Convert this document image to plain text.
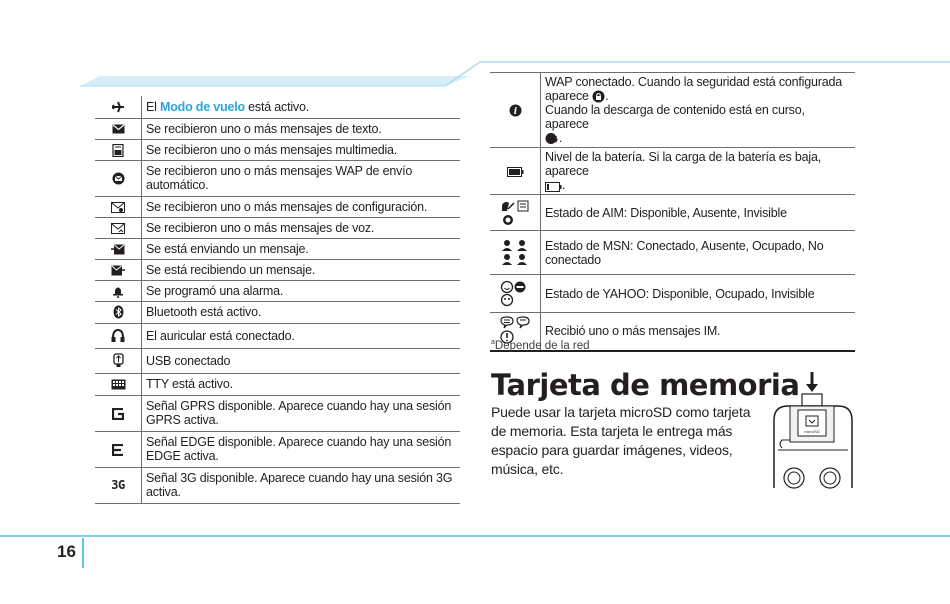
16
	El Modo de vuelo está activo.
	Se recibieron uno o más mensajes de texto.
	Se recibieron uno o más mensajes multimedia.
	Se recibieron uno o más mensajes WAP de envío automático.
	Se recibieron uno o más mensajes de configuración.
	Se recibieron uno o más mensajes de voz.
	Se está enviando un mensaje.
	Se está recibiendo un mensaje.
	Se programó una alarma.
	Bluetooth está activo.
	El auricular está conectado.
	USB conectado
	TTY está activo.
	Señal GPRS disponible. Aparece cuando hay una sesión GPRS activa.
	Señal EDGE disponible. Aparece cuando hay una sesión EDGE activa.
3G	Señal 3G disponible. Aparece cuando hay una sesión 3G activa.
i	WAP conectado. Cuando la seguridad está configurada aparece .
Cuando la descarga de contenido está en curso, aparece
.
	Nivel de la batería. Si la carga de la batería es baja, aparece
.
	Estado de AIM: Disponible, Ausente, Invisible
	Estado de MSN: Conectado, Ausente, Ocupado, No conectado
	Estado de YAHOO: Disponible, Ocupado, Invisible
	Recibió uno o más mensajes IM.
$^a$Depende de la red
Tarjeta de memoria

Puede usar la tarjeta microSD como tarjeta de memoria. Esta tarjeta le entrega más espacio para guardar imágenes, videos, música, etc.

microSD
